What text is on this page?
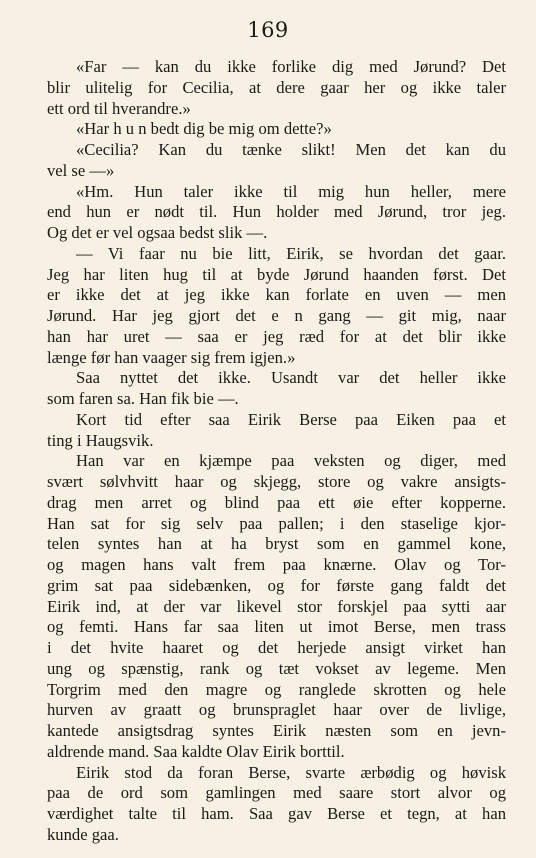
169
«Far — kan du ikke forlike dig med Jørund? Det
blir ulitelig for Cecilia, at dere gaar her og ikke taler
ett ord til hverandre.»
«Har h u n bedt dig be mig om dette?»
«Cecilia? Kan du tænke slikt! Men det kan du
vel se —»
«Hm. Hun taler ikke til mig hun heller, mere
end hun er nødt til. Hun holder med Jørund, tror jeg.
Og det er vel ogsaa bedst slik —.
— Vi faar nu bie litt, Eirik, se hvordan det gaar.
Jeg har liten hug til at byde Jørund haanden først. Det
er ikke det at jeg ikke kan forlate en uven — men
Jørund. Har jeg gjort det e n gang — git mig, naar
han har uret — saa er jeg ræd for at det blir ikke
længe før han vaager sig frem igjen.»
Saa nyttet det ikke. Usandt var det heller ikke
som faren sa. Han fik bie —.
Kort tid efter saa Eirik Berse paa Eiken paa et
ting i Haugsvik.
Han var en kjæmpe paa veksten og diger, med
svært sølvhvitt haar og skjegg, store og vakre ansigts-
drag men arret og blind paa ett øie efter kopperne.
Han sat for sig selv paa pallen; i den staselige kjor-
telen syntes han at ha bryst som en gammel kone,
og magen hans valt frem paa knærne. Olav og Tor-
grim sat paa sidebænken, og for første gang faldt det
Eirik ind, at der var likevel stor forskjel paa sytti aar
og femti. Hans far saa liten ut imot Berse, men trass
i det hvite haaret og det herjede ansigt virket han
ung og spænstig, rank og tæt vokset av legeme. Men
Torgrim med den magre og ranglede skrotten og hele
hurven av graatt og brunspraglet haar over de livlige,
kantede ansigtsdrag syntes Eirik næsten som en jevn-
aldrende mand. Saa kaldte Olav Eirik borttil.
Eirik stod da foran Berse, svarte ærbødig og høvisk
paa de ord som gamlingen med saare stort alvor og
værdighet talte til ham. Saa gav Berse et tegn, at han
kunde gaa.
